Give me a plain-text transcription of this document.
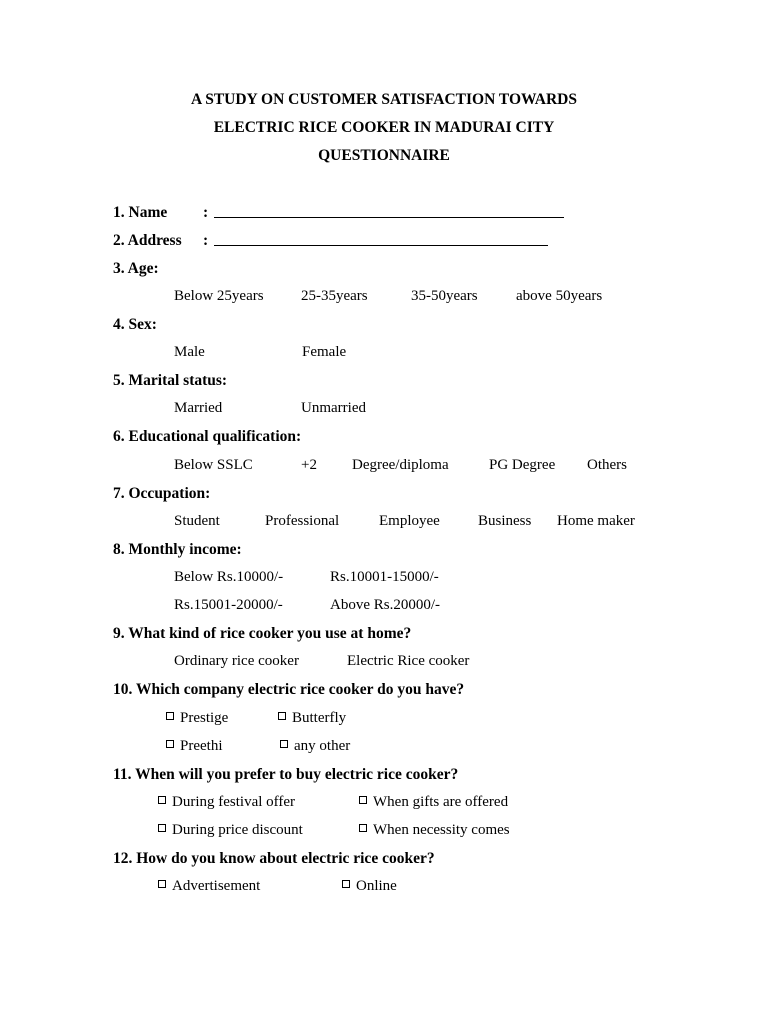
A STUDY ON CUSTOMER SATISFACTION TOWARDS
ELECTRIC RICE COOKER IN MADURAI CITY
QUESTIONNAIRE
1. Name :
2. Address :
3. Age:
Below 25years 25-35years	35-50years	above 50years
4. Sex:
Male	Female
5. Marital status:
Married	Unmarried
6. Educational qualification:
Below SSLC	+2 Degree/diploma	PG Degree Others
7. Occupation:
Student	Professional	Employee	Business Home maker
8. Monthly income:
Below Rs.10000/-	Rs.10001-15000/-
Rs.15001-20000/-	Above Rs.20000/-
9. What kind of rice cooker you use at home?
Ordinary rice cooker	Electric Rice cooker
10. Which company electric rice cooker do you have?
Prestige	Butterfly
Preethi	any other
11. When will you prefer to buy electric rice cooker?
During festival offer	When gifts are offered
During price discount	When necessity comes
12. How do you know about electric rice cooker?
Advertisement	Online
